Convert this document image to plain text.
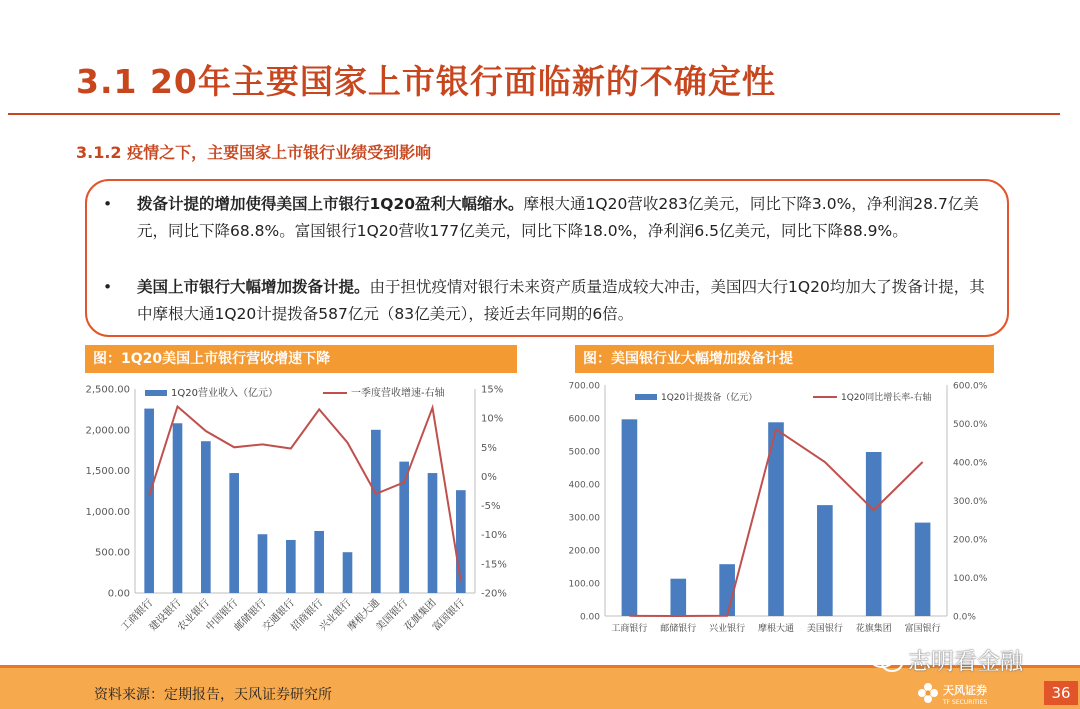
3.1 20年主要国家上市银行面临新的不确定性
3.1.2 疫情之下，主要国家上市银行业绩受到影响
• 拨备计提的增加使得美国上市银行1Q20盈利大幅缩水。摩根大通1Q20营收283亿美元，同比下降3.0%，净利润28.7亿美元，同比下降68.8%。富国银行1Q20营收177亿美元，同比下降18.0%，净利润6.5亿美元，同比下降88.9%。
• 美国上市银行大幅增加拨备计提。由于担忧疫情对银行未来资产质量造成较大冲击，美国四大行1Q20均加大了拨备计提，其中摩根大通1Q20计提拨备587亿元（83亿美元），接近去年同期的6倍。
图：1Q20美国上市银行营收增速下降	图：美国银行业大幅增加拨备计提
0.00
500.00
1,000.00
1,500.00
2,000.00
2,500.00
-20%
-15%
-10%
-5%
0%
5%
10%
15%
工商银行
建设银行
农业银行
中国银行
邮储银行
交通银行
招商银行
兴业银行
摩根大通
美国银行
花旗集团
富国银行
1Q20营业收入（亿元）	一季度营收增速-右轴
0.00
100.00
200.00
300.00
400.00
500.00
600.00
700.00
0.0%
100.0%
200.0%
300.0%
400.0%
500.0%
600.0%
工商银行 邮储银行 兴业银行 摩根大通 美国银行 花旗集团 富国银行
1Q20计提拨备（亿元）	1Q20同比增长率-右轴
资料来源：定期报告，天风证券研究所
志明看金融
天风证券
TF SECURITIES
36
